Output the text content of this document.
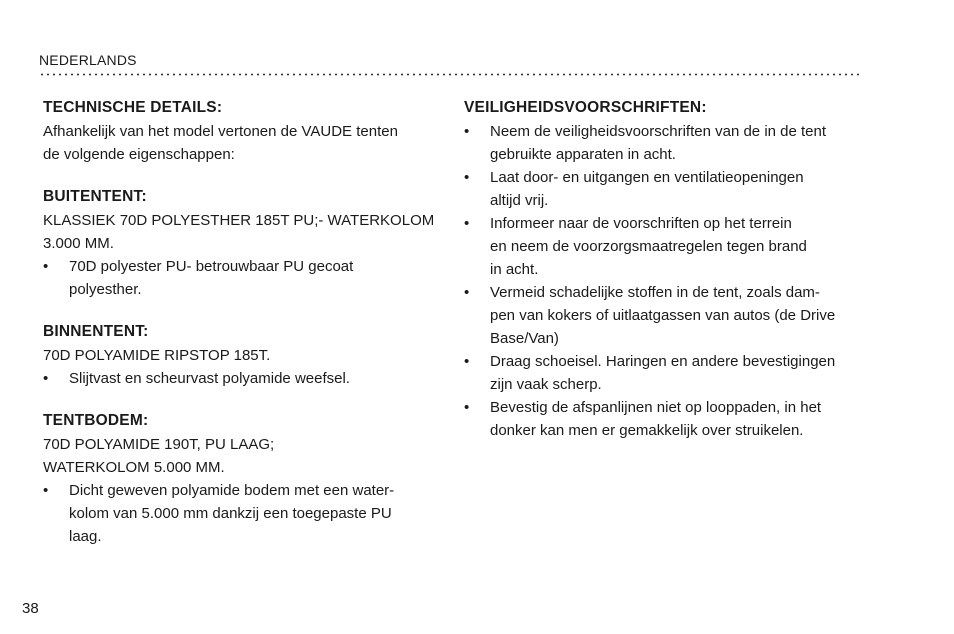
NEDERLANDS
TECHNISCHE DETAILS:
Afhankelijk van het model vertonen de VAUDE tenten
de volgende eigenschappen:
BUITENTENT:
KLASSIEK 70D POLYESTHER 185T PU;- WATERKOLOM
3.000 MM.
• 70D polyester PU- betrouwbaar PU gecoat
polyesther.
BINNENTENT:
70D POLYAMIDE RIPSTOP 185T.
• Slijtvast en scheurvast polyamide weefsel.
TENTBODEM:
70D POLYAMIDE 190T, PU LAAG;
WATERKOLOM 5.000 MM.
• Dicht geweven polyamide bodem met een water-
kolom van 5.000 mm dankzij een toegepaste PU
laag.
VEILIGHEIDSVOORSCHRIFTEN:
• Neem de veiligheidsvoorschriften van de in de tent
gebruikte apparaten in acht.
• Laat door- en uitgangen en ventilatieopeningen
altijd vrij.
• Informeer naar de voorschriften op het terrein
en neem de voorzorgsmaatregelen tegen brand
in acht.
• Vermeid schadelijke stoffen in de tent, zoals dam-
pen van kokers of uitlaatgassen van autos (de Drive
Base/Van)
• Draag schoeisel. Haringen en andere bevestigingen
zijn vaak scherp.
• Bevestig de afspanlijnen niet op looppaden, in het
donker kan men er gemakkelijk over struikelen.
38
